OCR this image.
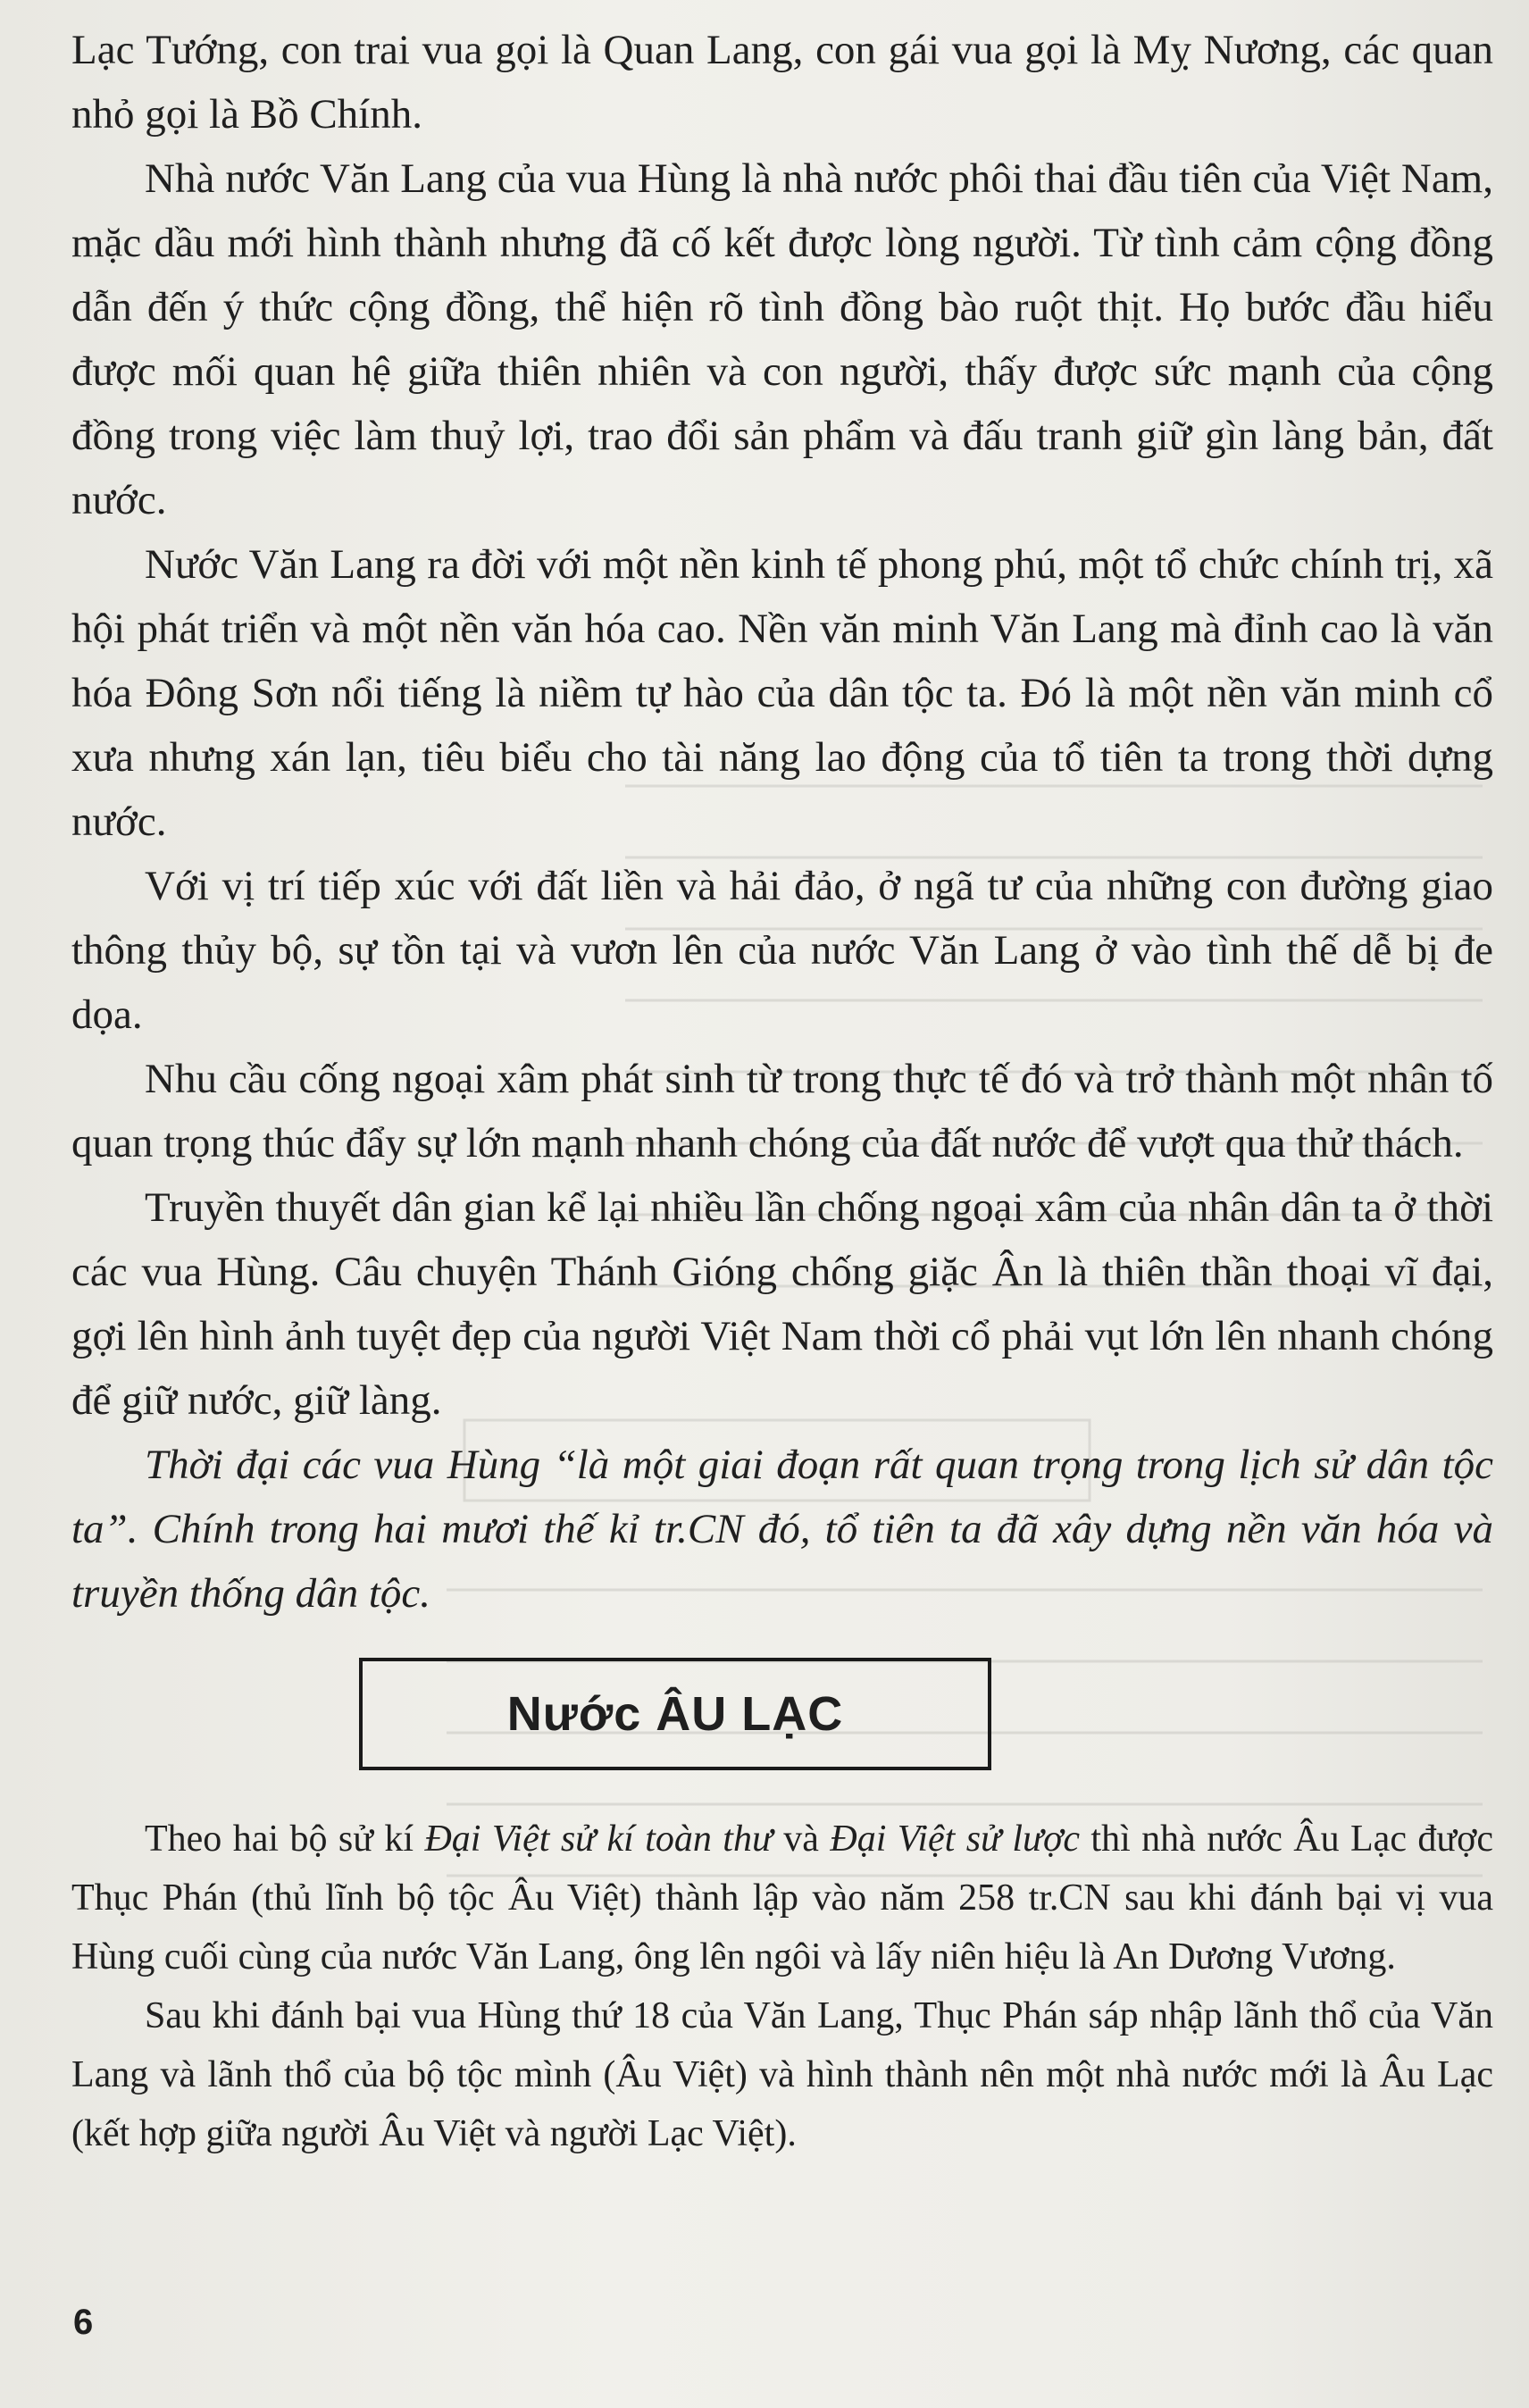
Lạc Tướng, con trai vua gọi là Quan Lang, con gái vua gọi là Mỵ Nương, các quan nhỏ gọi là Bồ Chính.

Nhà nước Văn Lang của vua Hùng là nhà nước phôi thai đầu tiên của Việt Nam, mặc dầu mới hình thành nhưng đã cố kết được lòng người. Từ tình cảm cộng đồng dẫn đến ý thức cộng đồng, thể hiện rõ tình đồng bào ruột thịt. Họ bước đầu hiểu được mối quan hệ giữa thiên nhiên và con người, thấy được sức mạnh của cộng đồng trong việc làm thuỷ lợi, trao đổi sản phẩm và đấu tranh giữ gìn làng bản, đất nước.

Nước Văn Lang ra đời với một nền kinh tế phong phú, một tổ chức chính trị, xã hội phát triển và một nền văn hóa cao. Nền văn minh Văn Lang mà đỉnh cao là văn hóa Đông Sơn nổi tiếng là niềm tự hào của dân tộc ta. Đó là một nền văn minh cổ xưa nhưng xán lạn, tiêu biểu cho tài năng lao động của tổ tiên ta trong thời dựng nước.

Với vị trí tiếp xúc với đất liền và hải đảo, ở ngã tư của những con đường giao thông thủy bộ, sự tồn tại và vươn lên của nước Văn Lang ở vào tình thế dễ bị đe dọa.

Nhu cầu cống ngoại xâm phát sinh từ trong thực tế đó và trở thành một nhân tố quan trọng thúc đẩy sự lớn mạnh nhanh chóng của đất nước để vượt qua thử thách.

Truyền thuyết dân gian kể lại nhiều lần chống ngoại xâm của nhân dân ta ở thời các vua Hùng. Câu chuyện Thánh Gióng chống giặc Ân là thiên thần thoại vĩ đại, gợi lên hình ảnh tuyệt đẹp của người Việt Nam thời cổ phải vụt lớn lên nhanh chóng để giữ nước, giữ làng.

Thời đại các vua Hùng “là một giai đoạn rất quan trọng trong lịch sử dân tộc ta”. Chính trong hai mươi thế kỉ tr.CN đó, tổ tiên ta đã xây dựng nền văn hóa và truyền thống dân tộc.

Nước ÂU LẠC

Theo hai bộ sử kí Đại Việt sử kí toàn thư và Đại Việt sử lược thì nhà nước Âu Lạc được Thục Phán (thủ lĩnh bộ tộc Âu Việt) thành lập vào năm 258 tr.CN sau khi đánh bại vị vua Hùng cuối cùng của nước Văn Lang, ông lên ngôi và lấy niên hiệu là An Dương Vương.

Sau khi đánh bại vua Hùng thứ 18 của Văn Lang, Thục Phán sáp nhập lãnh thổ của Văn Lang và lãnh thổ của bộ tộc mình (Âu Việt) và hình thành nên một nhà nước mới là Âu Lạc (kết hợp giữa người Âu Việt và người Lạc Việt).

6
